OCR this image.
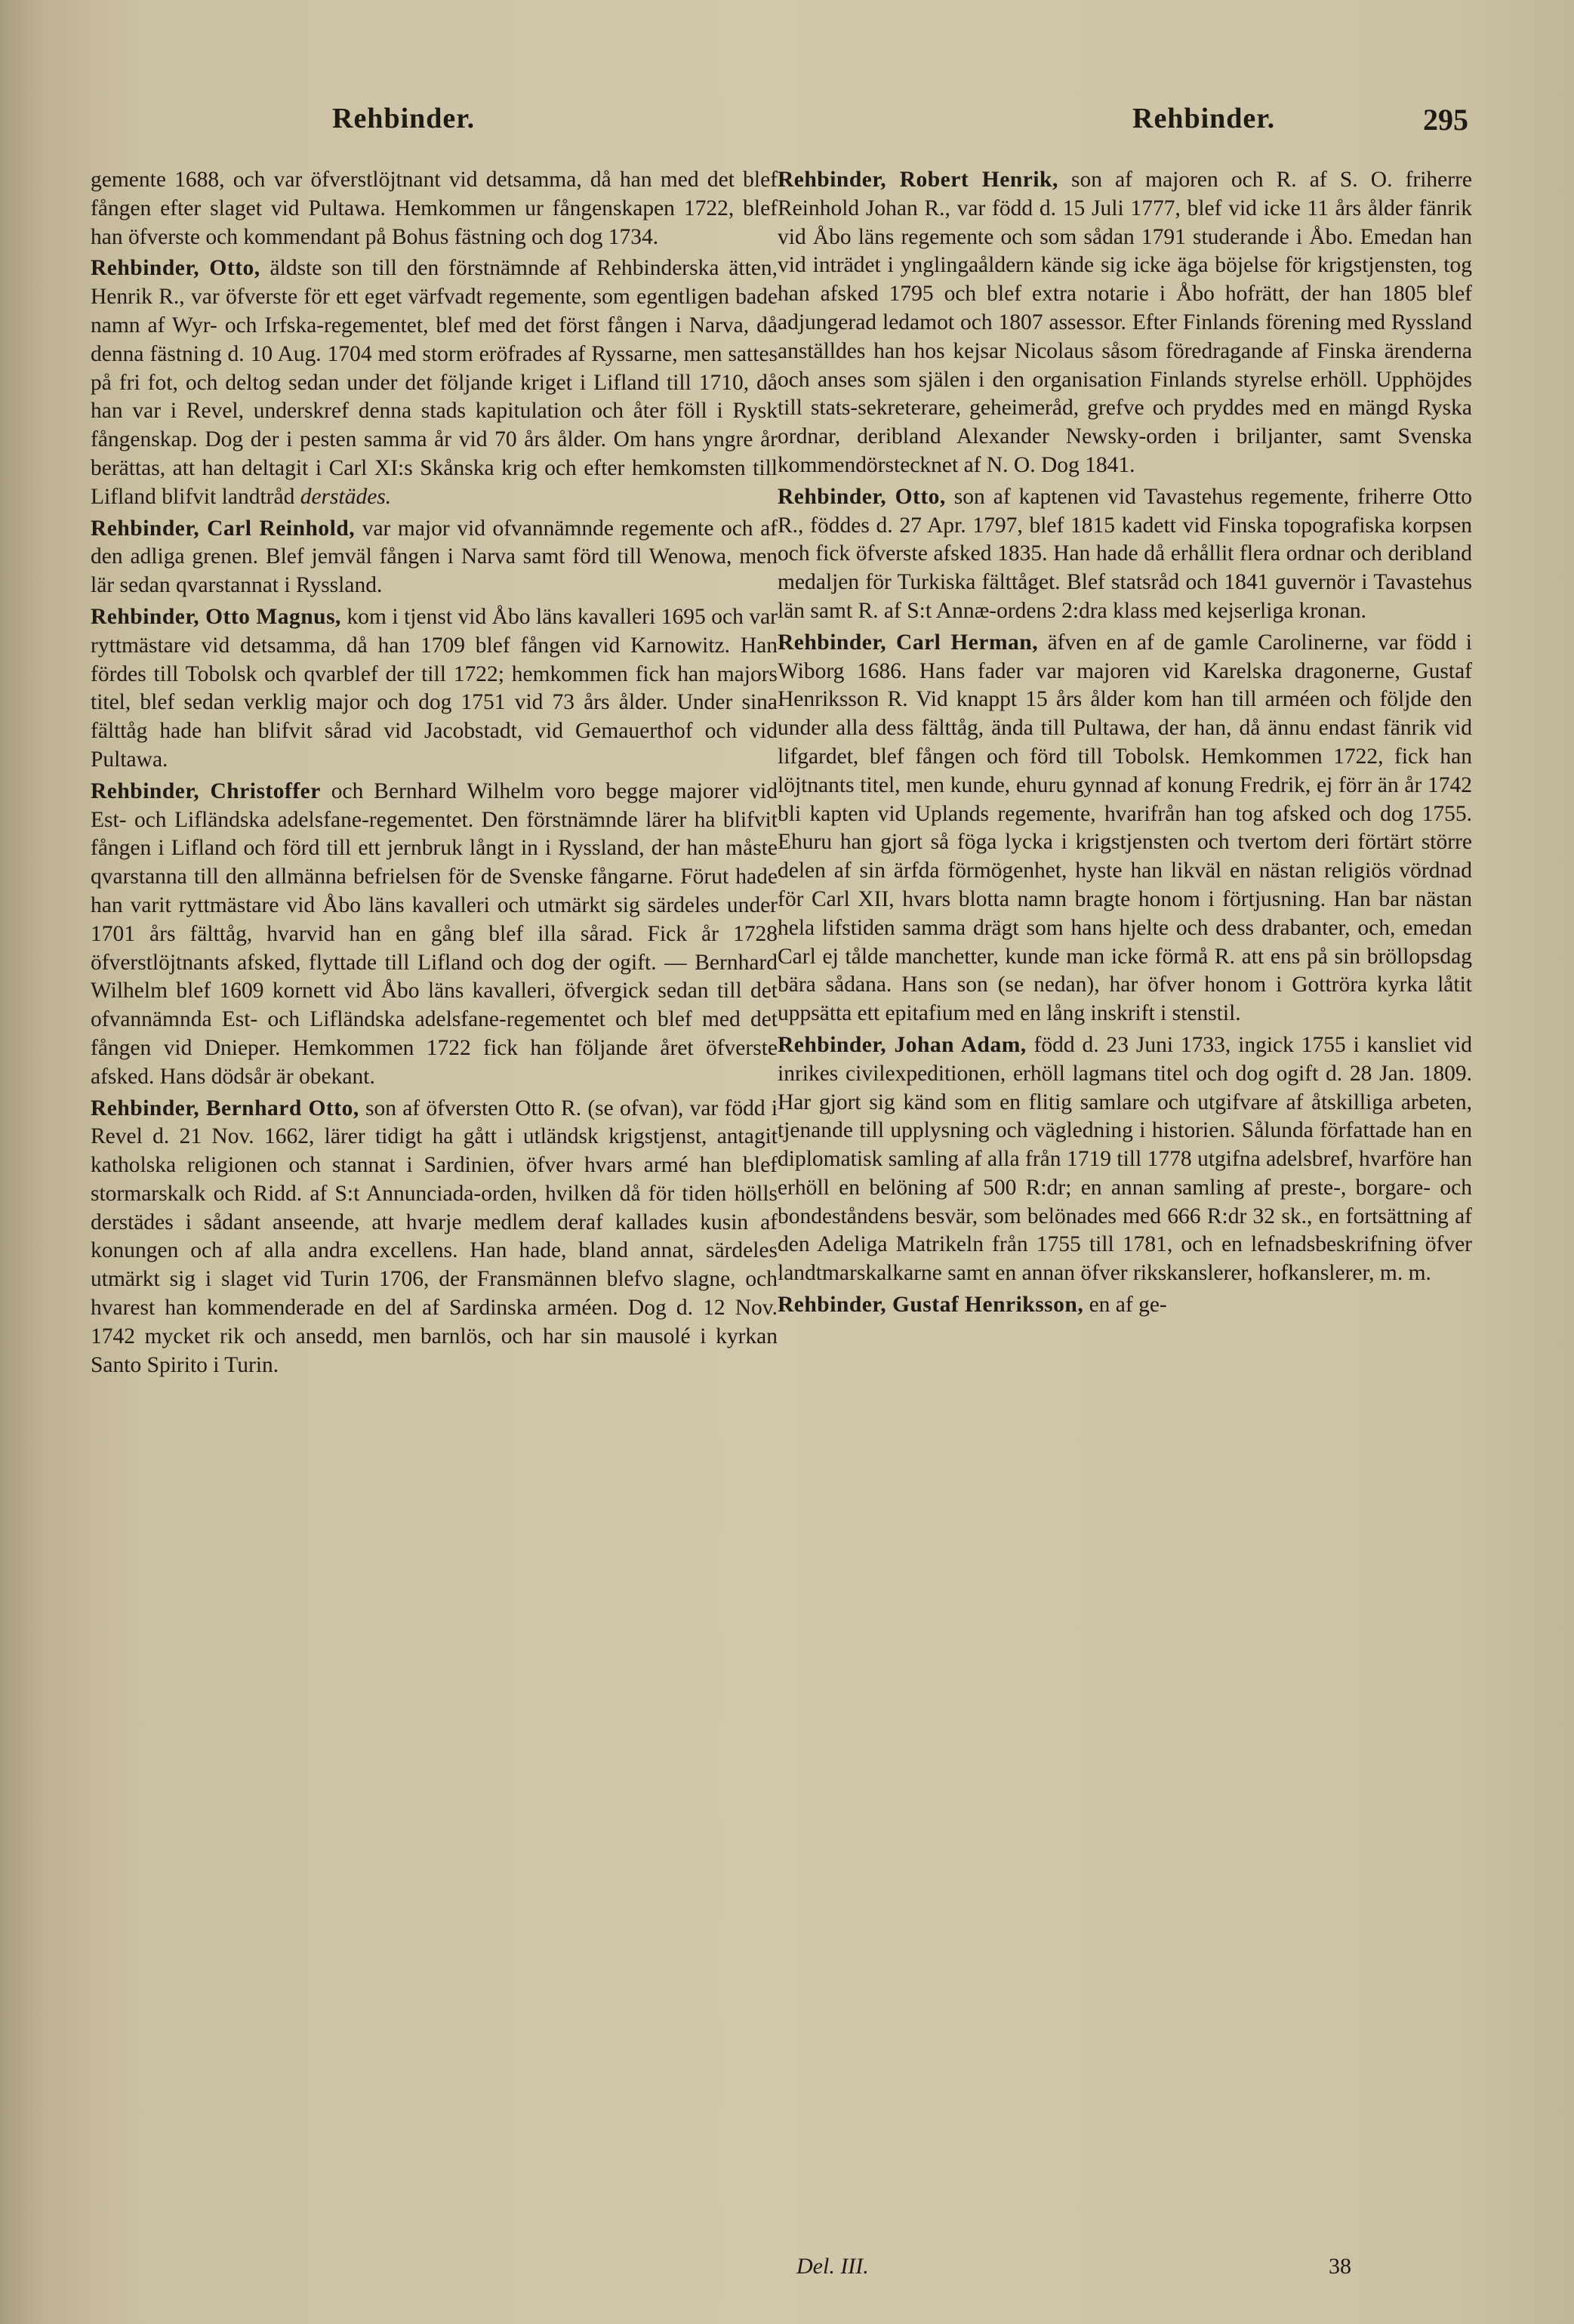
Rehbinder.	Rehbinder.	295

gemente 1688, och var öfverstlöjtnant vid detsamma, då han med det blef fången efter slaget vid Pultawa. Hemkommen ur fångenskapen 1722, blef han öfverste och kommendant på Bohus fästning och dog 1734.

Rehbinder, Otto, äldste son till den förstnämnde af Rehbinderska ätten, Henrik R., var öfverste för ett eget värfvadt regemente, som egentligen bade namn af Wyr- och Irfska-regementet, blef med det först fången i Narva, då denna fästning d. 10 Aug. 1704 med storm eröfrades af Ryssarne, men sattes på fri fot, och deltog sedan under det följande kriget i Lifland till 1710, då han var i Revel, underskref denna stads kapitulation och åter föll i Rysk fångenskap. Dog der i pesten samma år vid 70 års ålder. Om hans yngre år berättas, att han deltagit i Carl XI:s Skånska krig och efter hemkomsten till Lifland blifvit landtråd derstädes.

Rehbinder, Carl Reinhold, var major vid ofvannämnde regemente och af den adliga grenen. Blef jemväl fången i Narva samt förd till Wenowa, men lär sedan qvarstannat i Ryssland.

Rehbinder, Otto Magnus, kom i tjenst vid Åbo läns kavalleri 1695 och var ryttmästare vid detsamma, då han 1709 blef fången vid Karnowitz. Han fördes till Tobolsk och qvarblef der till 1722; hemkommen fick han majors titel, blef sedan verklig major och dog 1751 vid 73 års ålder. Under sina fälttåg hade han blifvit sårad vid Jacobstadt, vid Gemauerthof och vid Pultawa.

Rehbinder, Christoffer och Bernhard Wilhelm voro begge majorer vid Est- och Lifländska adelsfane-regementet. Den förstnämnde lärer ha blifvit fången i Lifland och förd till ett jernbruk långt in i Ryssland, der han måste qvarstanna till den allmänna befrielsen för de Svenske fångarne. Förut hade han varit ryttmästare vid Åbo läns kavalleri och utmärkt sig särdeles under 1701 års fälttåg, hvarvid han en gång blef illa sårad. Fick år 1728 öfverstlöjtnants afsked, flyttade till Lifland och dog der ogift. — Bernhard Wilhelm blef 1609 kornett vid Åbo läns kavalleri, öfvergick sedan till det ofvannämnda Est- och Lifländska adelsfane-regementet och blef med det fången vid Dnieper. Hemkommen 1722 fick han följande året öfverste afsked. Hans dödsår är obekant.

Rehbinder, Bernhard Otto, son af öfversten Otto R. (se ofvan), var född i Revel d. 21 Nov. 1662, lärer tidigt ha gått i utländsk krigstjenst, antagit katholska religionen och stannat i Sardinien, öfver hvars armé han blef stormarskalk och Ridd. af S:t Annunciada-orden, hvilken då för tiden hölls derstädes i sådant anseende, att hvarje medlem deraf kallades kusin af konungen och af alla andra excellens. Han hade, bland annat, särdeles utmärkt sig i slaget vid Turin 1706, der Fransmännen blefvo slagne, och hvarest han kommenderade en del af Sardinska arméen. Dog d. 12 Nov. 1742 mycket rik och ansedd, men barnlös, och har sin mausolé i kyrkan Santo Spirito i Turin.

Rehbinder, Robert Henrik, son af majoren och R. af S. O. friherre Reinhold Johan R., var född d. 15 Juli 1777, blef vid icke 11 års ålder fänrik vid Åbo läns regemente och som sådan 1791 studerande i Åbo. Emedan han vid inträdet i ynglingaåldern kände sig icke äga böjelse för krigstjensten, tog han afsked 1795 och blef extra notarie i Åbo hofrätt, der han 1805 blef adjungerad ledamot och 1807 assessor. Efter Finlands förening med Ryssland anställdes han hos kejsar Nicolaus såsom föredragande af Finska ärenderna och anses som själen i den organisation Finlands styrelse erhöll. Upphöjdes till stats-sekreterare, geheimeråd, grefve och pryddes med en mängd Ryska ordnar, deribland Alexander Newsky-orden i briljanter, samt Svenska kommendörstecknet af N. O. Dog 1841.

Rehbinder, Otto, son af kaptenen vid Tavastehus regemente, friherre Otto R., föddes d. 27 Apr. 1797, blef 1815 kadett vid Finska topografiska korpsen och fick öfverste afsked 1835. Han hade då erhållit flera ordnar och deribland medaljen för Turkiska fälttåget. Blef statsråd och 1841 guvernör i Tavastehus län samt R. af S:t Annæ-ordens 2:dra klass med kejserliga kronan.

Rehbinder, Carl Herman, äfven en af de gamle Carolinerne, var född i Wiborg 1686. Hans fader var majoren vid Karelska dragonerne, Gustaf Henriksson R. Vid knappt 15 års ålder kom han till arméen och följde den under alla dess fälttåg, ända till Pultawa, der han, då ännu endast fänrik vid lifgardet, blef fången och förd till Tobolsk. Hemkommen 1722, fick han löjtnants titel, men kunde, ehuru gynnad af konung Fredrik, ej förr än år 1742 bli kapten vid Uplands regemente, hvarifrån han tog afsked och dog 1755. Ehuru han gjort så föga lycka i krigstjensten och tvertom deri förtärt större delen af sin ärfda förmögenhet, hyste han likväl en nästan religiös vördnad för Carl XII, hvars blotta namn bragte honom i förtjusning. Han bar nästan hela lifstiden samma drägt som hans hjelte och dess drabanter, och, emedan Carl ej tålde manchetter, kunde man icke förmå R. att ens på sin bröllopsdag bära sådana. Hans son (se nedan), har öfver honom i Gottröra kyrka låtit uppsätta ett epitafium med en lång inskrift i stenstil.

Rehbinder, Johan Adam, född d. 23 Juni 1733, ingick 1755 i kansliet vid inrikes civilexpeditionen, erhöll lagmans titel och dog ogift d. 28 Jan. 1809. Har gjort sig känd som en flitig samlare och utgifvare af åtskilliga arbeten, tjenande till upplysning och vägledning i historien. Sålunda författade han en diplomatisk samling af alla från 1719 till 1778 utgifna adelsbref, hvarföre han erhöll en belöning af 500 R:dr; en annan samling af preste-, borgare- och bondeståndens besvär, som belönades med 666 R:dr 32 sk., en fortsättning af den Adeliga Matrikeln från 1755 till 1781, och en lefnadsbeskrifning öfver landtmarskalkarne samt en annan öfver rikskanslerer, hofkanslerer, m. m.

Rehbinder, Gustaf Henriksson, en af ge-

Del. III.	38
